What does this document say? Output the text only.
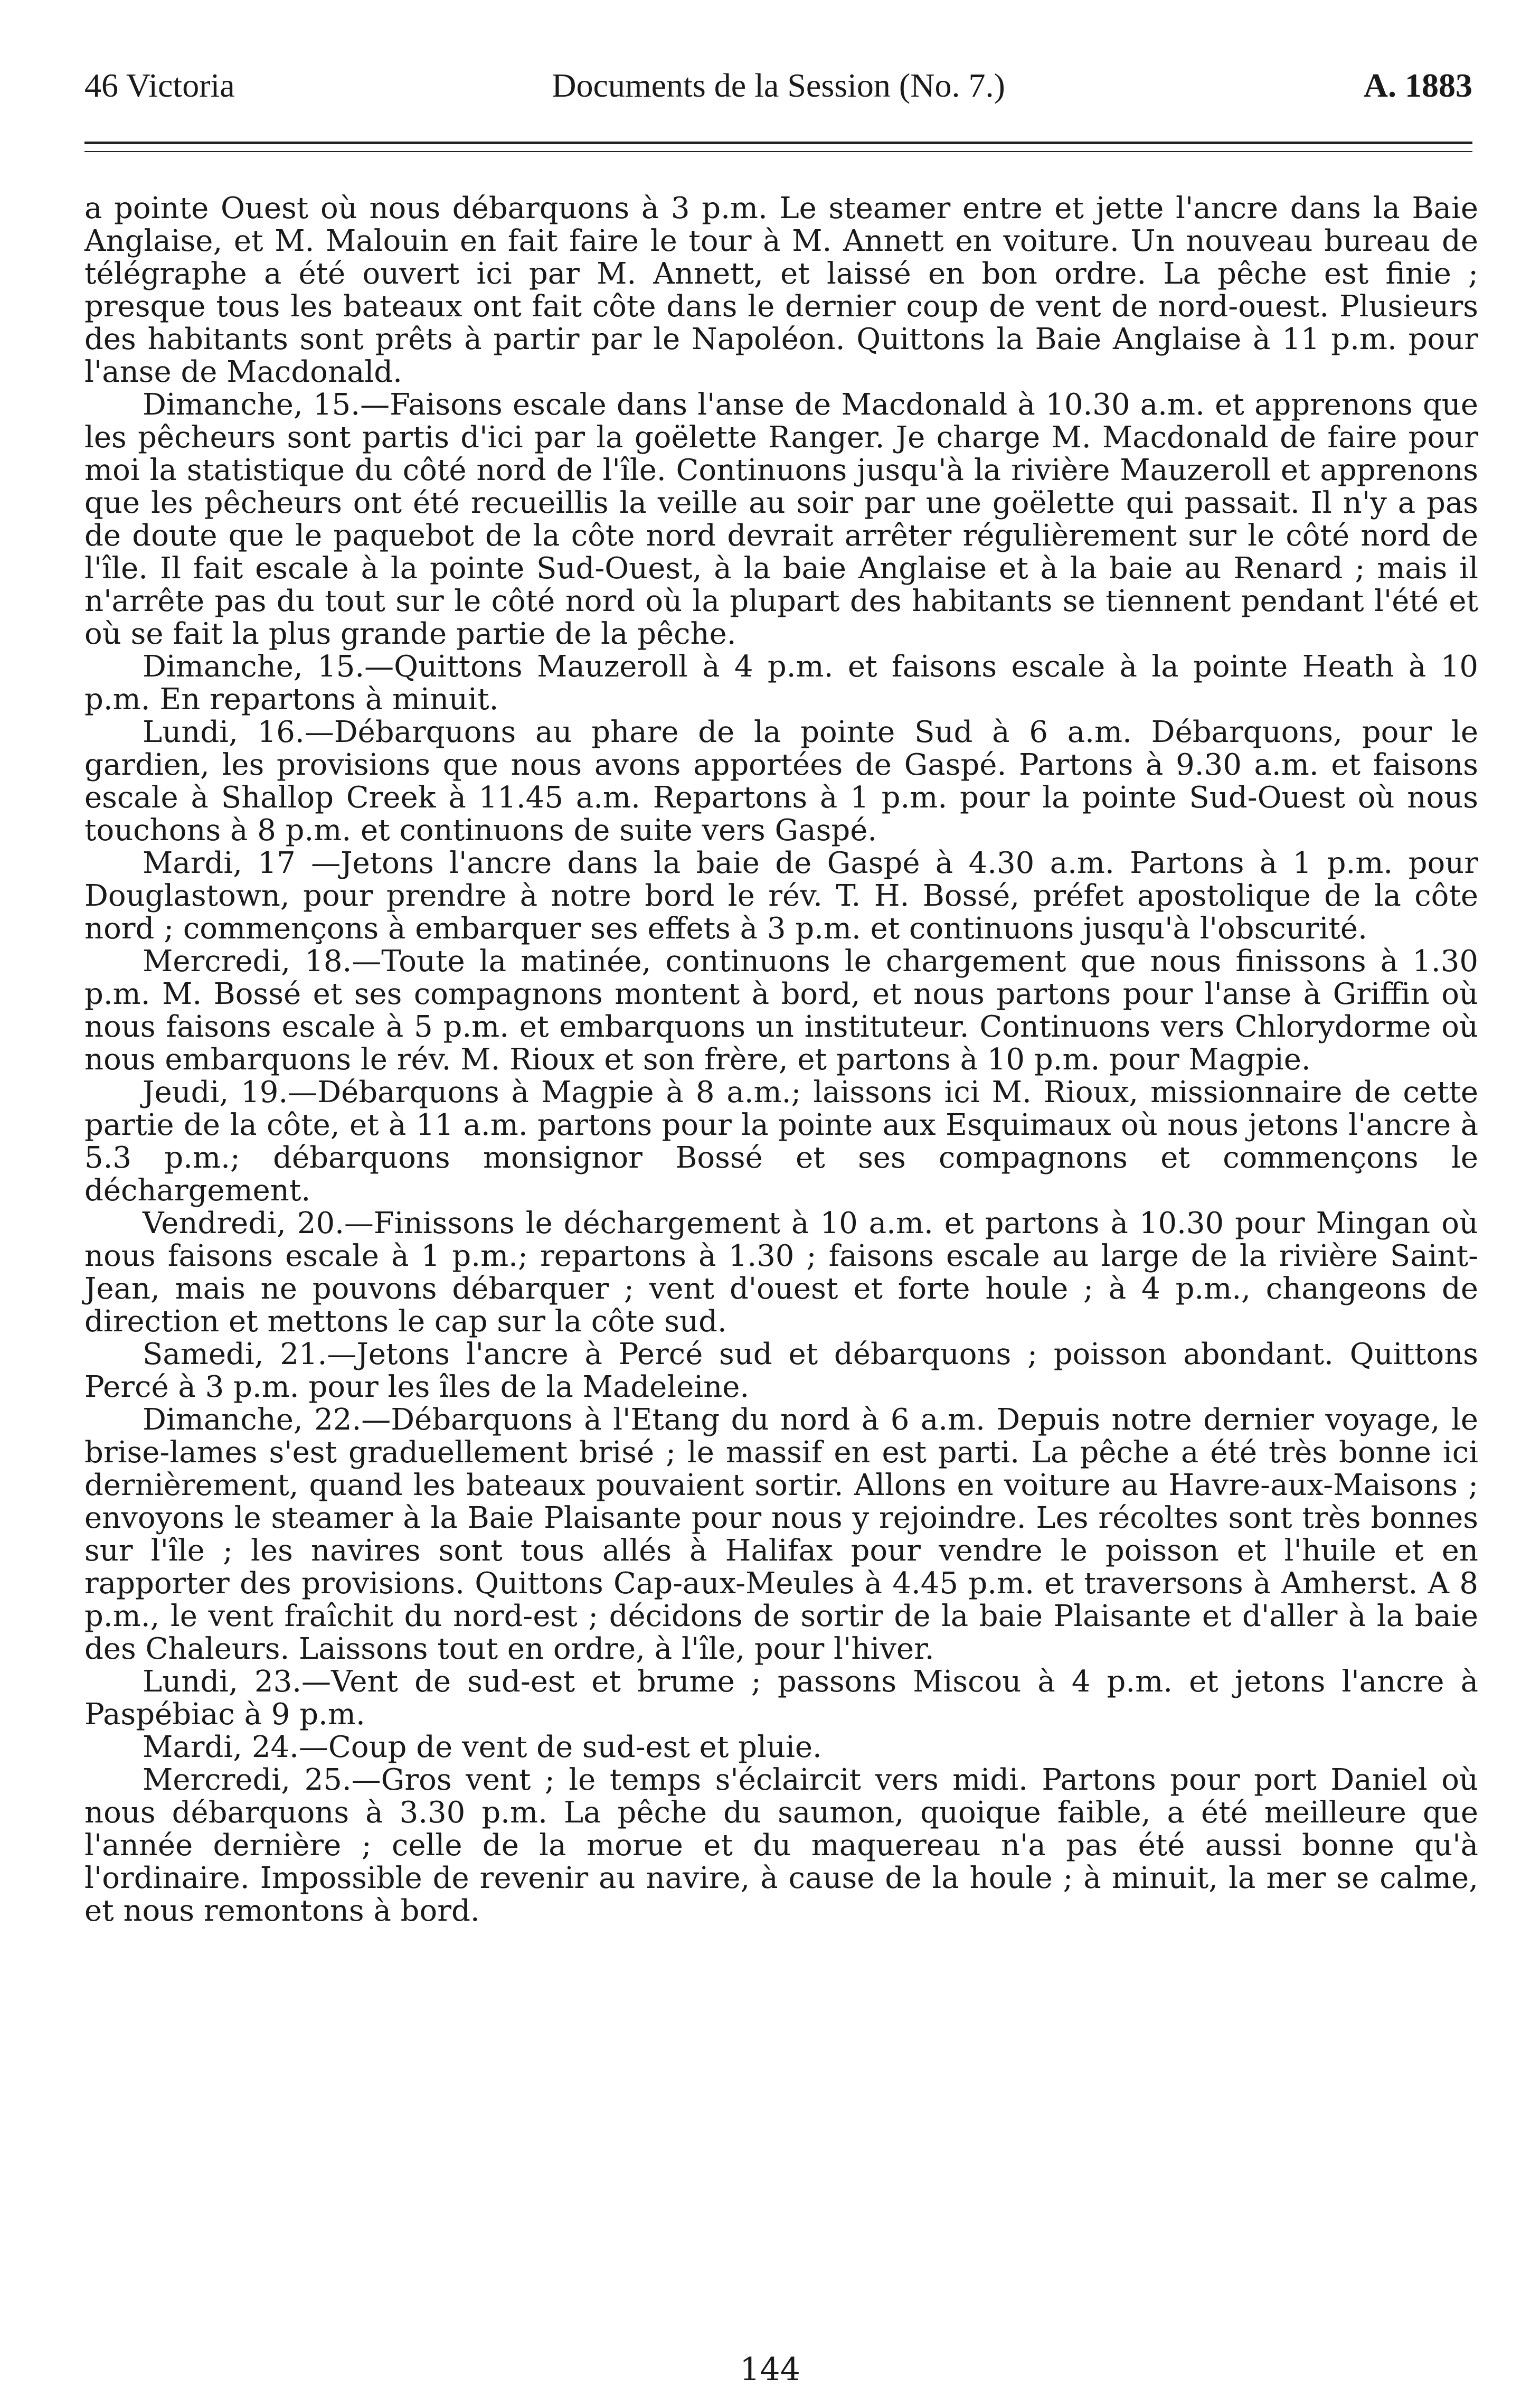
46 Victoria	Documents de la Session (No. 7.)	A. 1883

a pointe Ouest où nous débarquons à 3 p.m. Le steamer entre et jette l'ancre dans la Baie Anglaise, et M. Malouin en fait faire le tour à M. Annett en voiture. Un nouveau bureau de télégraphe a été ouvert ici par M. Annett, et laissé en bon ordre. La pêche est finie ; presque tous les bateaux ont fait côte dans le dernier coup de vent de nord-ouest. Plusieurs des habitants sont prêts à partir par le Napoléon. Quittons la Baie Anglaise à 11 p.m. pour l'anse de Macdonald.

Dimanche, 15.—Faisons escale dans l'anse de Macdonald à 10.30 a.m. et apprenons que les pêcheurs sont partis d'ici par la goëlette Ranger. Je charge M. Macdonald de faire pour moi la statistique du côté nord de l'île. Continuons jusqu'à la rivière Mauzeroll et apprenons que les pêcheurs ont été recueillis la veille au soir par une goëlette qui passait. Il n'y a pas de doute que le paquebot de la côte nord devrait arrêter régulièrement sur le côté nord de l'île. Il fait escale à la pointe Sud-Ouest, à la baie Anglaise et à la baie au Renard ; mais il n'arrête pas du tout sur le côté nord où la plupart des habitants se tiennent pendant l'été et où se fait la plus grande partie de la pêche.

Dimanche, 15.—Quittons Mauzeroll à 4 p.m. et faisons escale à la pointe Heath à 10 p.m. En repartons à minuit.

Lundi, 16.—Débarquons au phare de la pointe Sud à 6 a.m. Débarquons, pour le gardien, les provisions que nous avons apportées de Gaspé. Partons à 9.30 a.m. et faisons escale à Shallop Creek à 11.45 a.m. Repartons à 1 p.m. pour la pointe Sud-Ouest où nous touchons à 8 p.m. et continuons de suite vers Gaspé.

Mardi, 17 —Jetons l'ancre dans la baie de Gaspé à 4.30 a.m. Partons à 1 p.m. pour Douglastown, pour prendre à notre bord le rév. T. H. Bossé, préfet apostolique de la côte nord ; commençons à embarquer ses effets à 3 p.m. et continuons jusqu'à l'obscurité.

Mercredi, 18.—Toute la matinée, continuons le chargement que nous finissons à 1.30 p.m. M. Bossé et ses compagnons montent à bord, et nous partons pour l'anse à Griffin où nous faisons escale à 5 p.m. et embarquons un instituteur. Continuons vers Chlorydorme où nous embarquons le rév. M. Rioux et son frère, et partons à 10 p.m. pour Magpie.

Jeudi, 19.—Débarquons à Magpie à 8 a.m.; laissons ici M. Rioux, missionnaire de cette partie de la côte, et à 11 a.m. partons pour la pointe aux Esquimaux où nous jetons l'ancre à 5.3 p.m.; débarquons monsignor Bossé et ses compagnons et commençons le déchargement.

Vendredi, 20.—Finissons le déchargement à 10 a.m. et partons à 10.30 pour Mingan où nous faisons escale à 1 p.m.; repartons à 1.30 ; faisons escale au large de la rivière Saint-Jean, mais ne pouvons débarquer ; vent d'ouest et forte houle ; à 4 p.m., changeons de direction et mettons le cap sur la côte sud.

Samedi, 21.—Jetons l'ancre à Percé sud et débarquons ; poisson abondant. Quittons Percé à 3 p.m. pour les îles de la Madeleine.

Dimanche, 22.—Débarquons à l'Etang du nord à 6 a.m. Depuis notre dernier voyage, le brise-lames s'est graduellement brisé ; le massif en est parti. La pêche a été très bonne ici dernièrement, quand les bateaux pouvaient sortir. Allons en voiture au Havre-aux-Maisons ; envoyons le steamer à la Baie Plaisante pour nous y rejoindre. Les récoltes sont très bonnes sur l'île ; les navires sont tous allés à Halifax pour vendre le poisson et l'huile et en rapporter des provisions. Quittons Cap-aux-Meules à 4.45 p.m. et traversons à Amherst. A 8 p.m., le vent fraîchit du nord-est ; décidons de sortir de la baie Plaisante et d'aller à la baie des Chaleurs. Laissons tout en ordre, à l'île, pour l'hiver.

Lundi, 23.—Vent de sud-est et brume ; passons Miscou à 4 p.m. et jetons l'ancre à Paspébiac à 9 p.m.

Mardi, 24.—Coup de vent de sud-est et pluie.

Mercredi, 25.—Gros vent ; le temps s'éclaircit vers midi. Partons pour port Daniel où nous débarquons à 3.30 p.m. La pêche du saumon, quoique faible, a été meilleure que l'année dernière ; celle de la morue et du maquereau n'a pas été aussi bonne qu'à l'ordinaire. Impossible de revenir au navire, à cause de la houle ; à minuit, la mer se calme, et nous remontons à bord.

144
